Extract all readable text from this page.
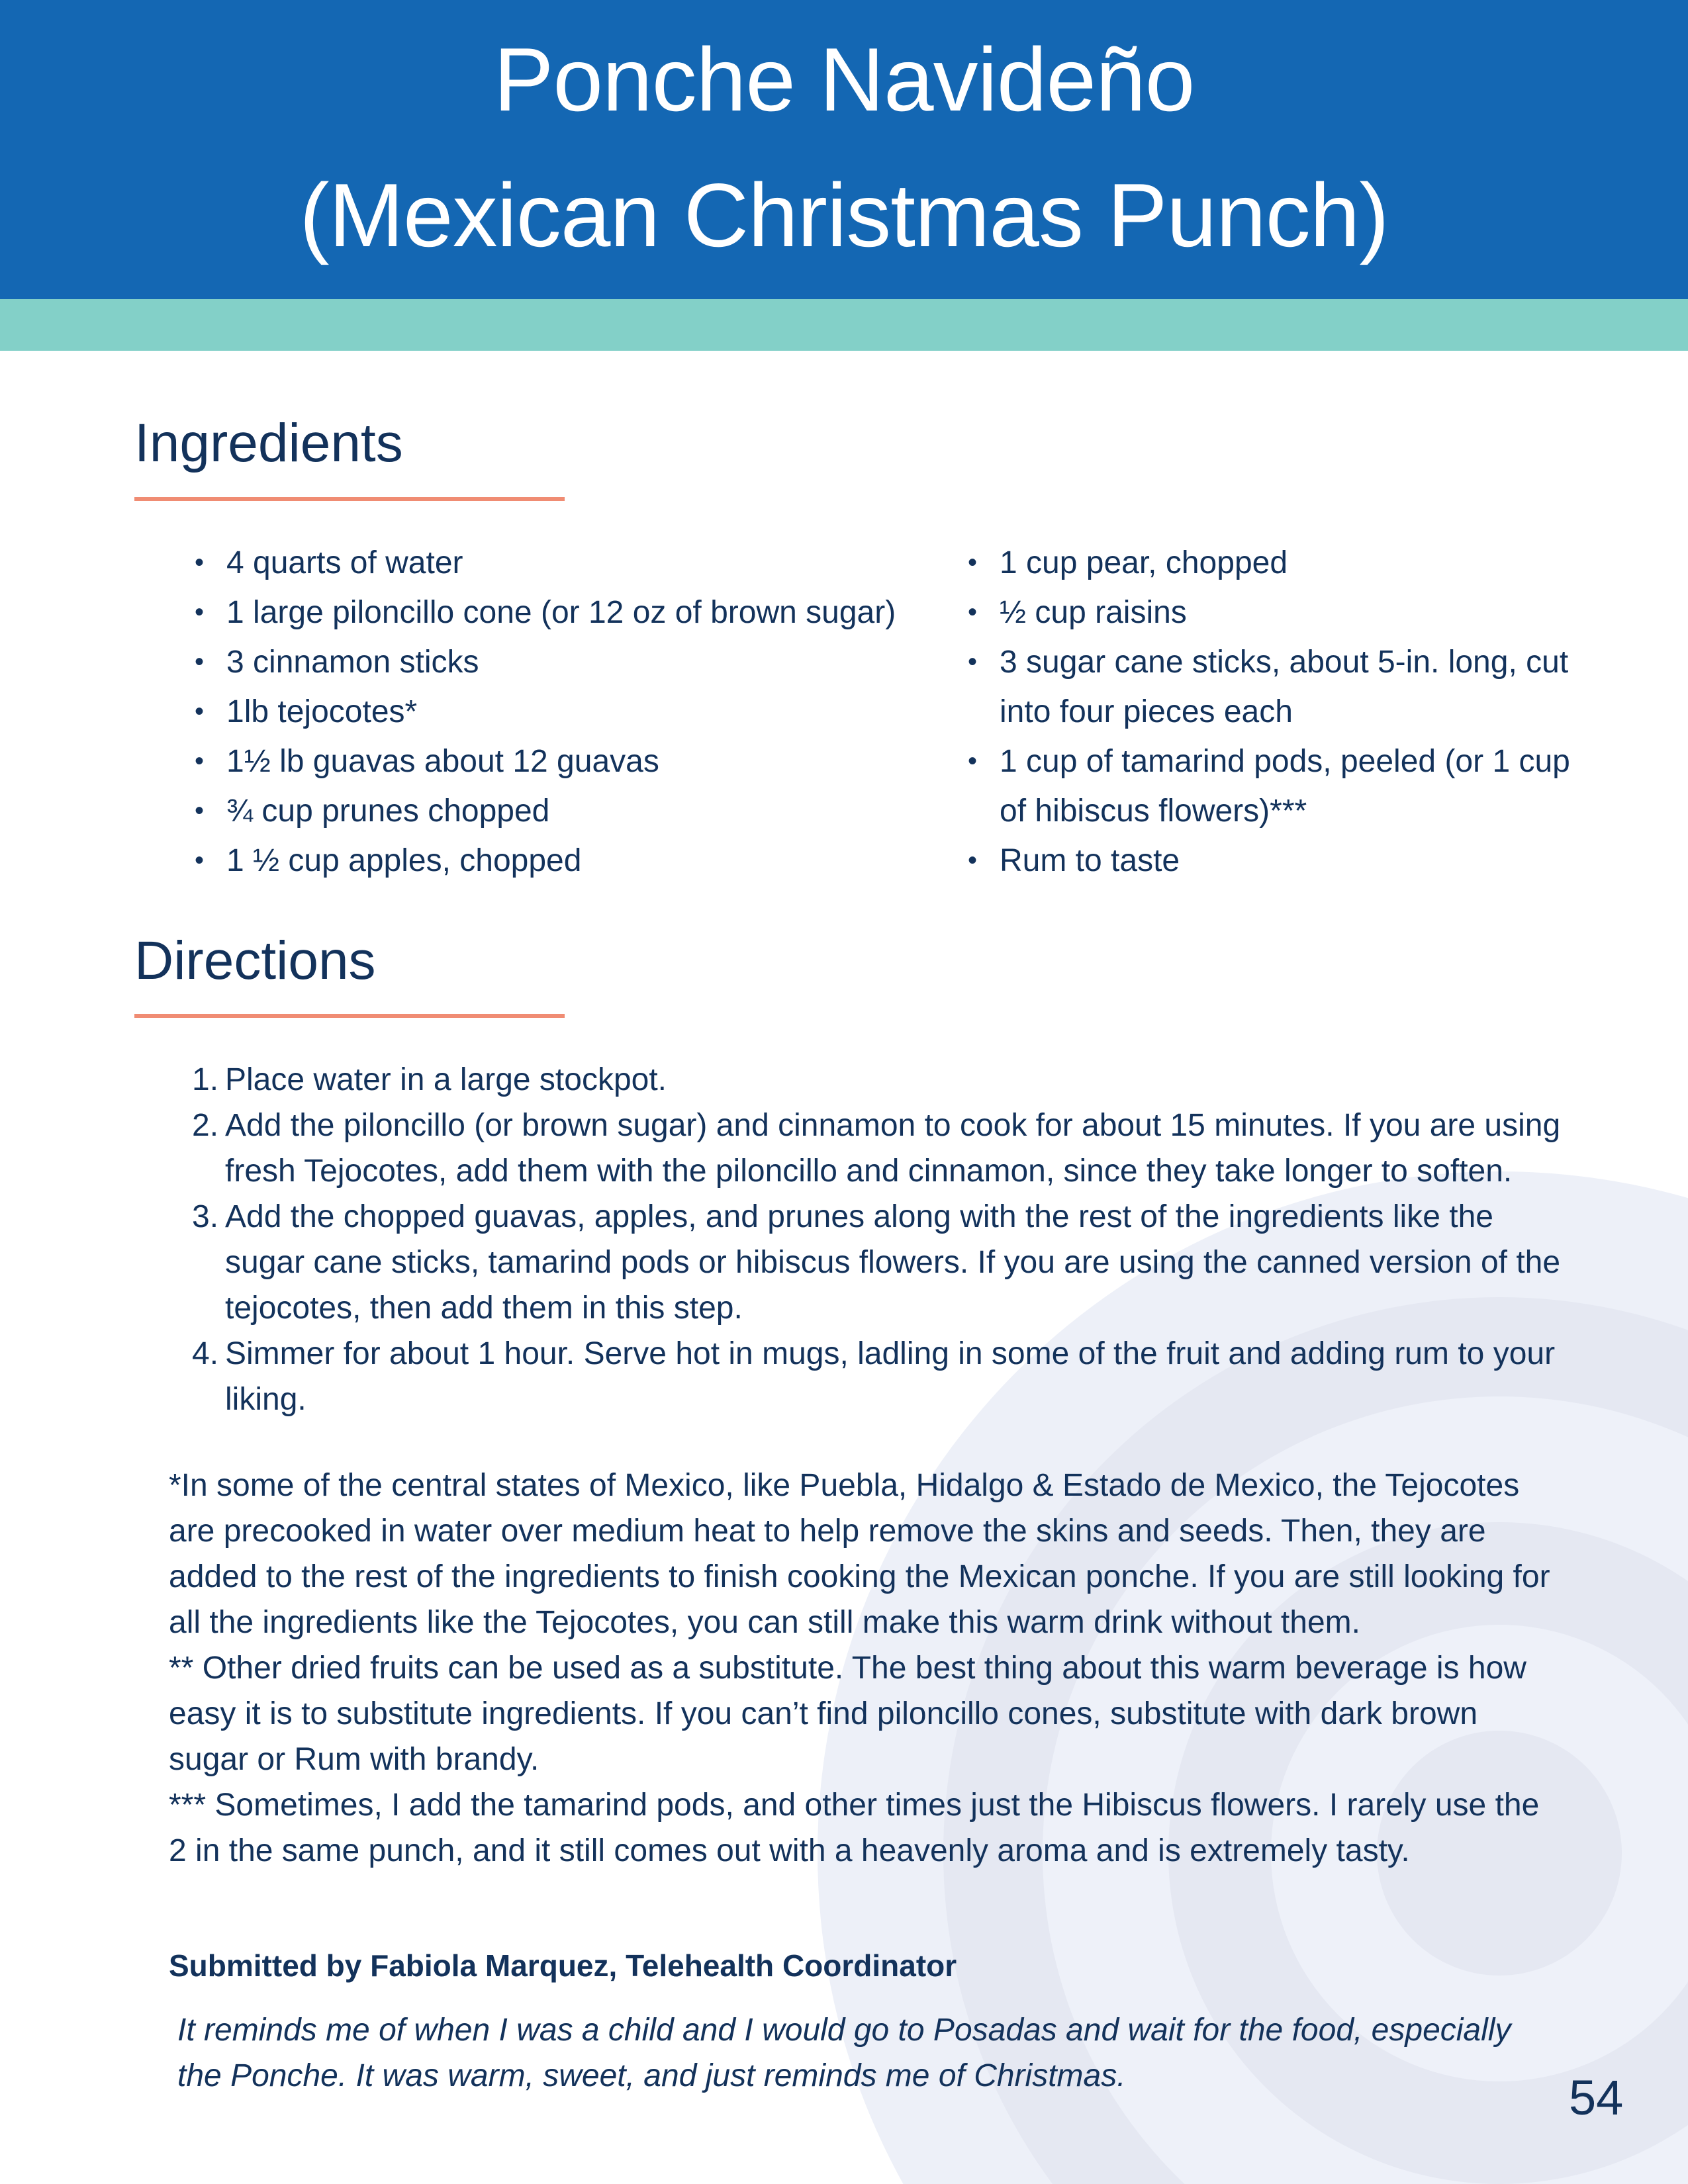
Ponche Navideño
(Mexican Christmas Punch)
Ingredients
• 4 quarts of water
• 1 large piloncillo cone (or 12 oz of brown sugar)
• 3 cinnamon sticks
• 1lb tejocotes*
• 1½ lb guavas about 12 guavas
• ¾ cup prunes chopped
• 1 ½ cup apples, chopped
• 1 cup pear, chopped
• ½ cup raisins
• 3 sugar cane sticks, about 5-in. long, cut into four pieces each
• 1 cup of tamarind pods, peeled (or 1 cup of hibiscus flowers)***
• Rum to taste
Directions
1. Place water in a large stockpot.
2. Add the piloncillo (or brown sugar) and cinnamon to cook for about 15 minutes. If you are using fresh Tejocotes, add them with the piloncillo and cinnamon, since they take longer to soften.
3. Add the chopped guavas, apples, and prunes along with the rest of the ingredients like the sugar cane sticks, tamarind pods or hibiscus flowers. If you are using the canned version of the tejocotes, then add them in this step.
4. Simmer for about 1 hour. Serve hot in mugs, ladling in some of the fruit and adding rum to your liking.

*In some of the central states of Mexico, like Puebla, Hidalgo & Estado de Mexico, the Tejocotes are precooked in water over medium heat to help remove the skins and seeds. Then, they are added to the rest of the ingredients to finish cooking the Mexican ponche. If you are still looking for all the ingredients like the Tejocotes, you can still make this warm drink without them.

** Other dried fruits can be used as a substitute. The best thing about this warm beverage is how easy it is to substitute ingredients. If you can’t find piloncillo cones, substitute with dark brown sugar or Rum with brandy.

*** Sometimes, I add the tamarind pods, and other times just the Hibiscus flowers. I rarely use the 2 in the same punch, and it still comes out with a heavenly aroma and is extremely tasty.

Submitted by Fabiola Marquez, Telehealth Coordinator

It reminds me of when I was a child and I would go to Posadas and wait for the food, especially the Ponche. It was warm, sweet, and just reminds me of Christmas.	54
